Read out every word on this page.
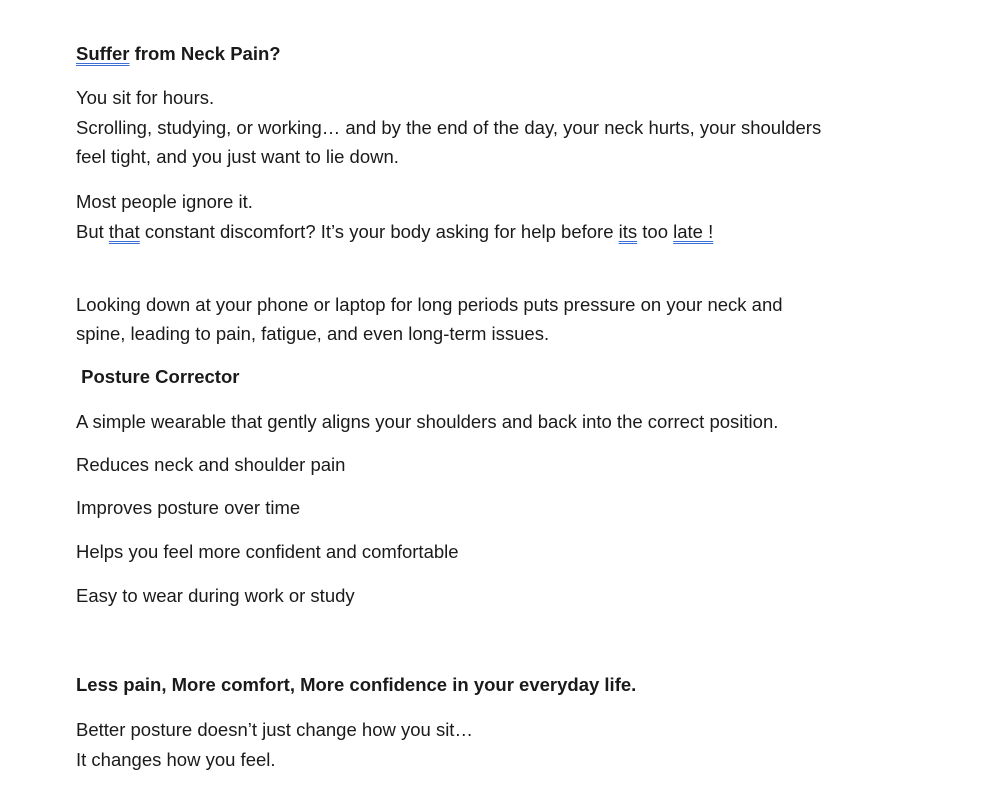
Suffer from Neck Pain?
You sit for hours.
Scrolling, studying, or working… and by the end of the day, your neck hurts, your shoulders
feel tight, and you just want to lie down.
Most people ignore it.
But that constant discomfort? It’s your body asking for help before its too late !
Looking down at your phone or laptop for long periods puts pressure on your neck and
spine, leading to pain, fatigue, and even long-term issues.
Posture Corrector
A simple wearable that gently aligns your shoulders and back into the correct position.
Reduces neck and shoulder pain
Improves posture over time
Helps you feel more confident and comfortable
Easy to wear during work or study
Less pain, More comfort, More confidence in your everyday life.
Better posture doesn’t just change how you sit…
It changes how you feel.
